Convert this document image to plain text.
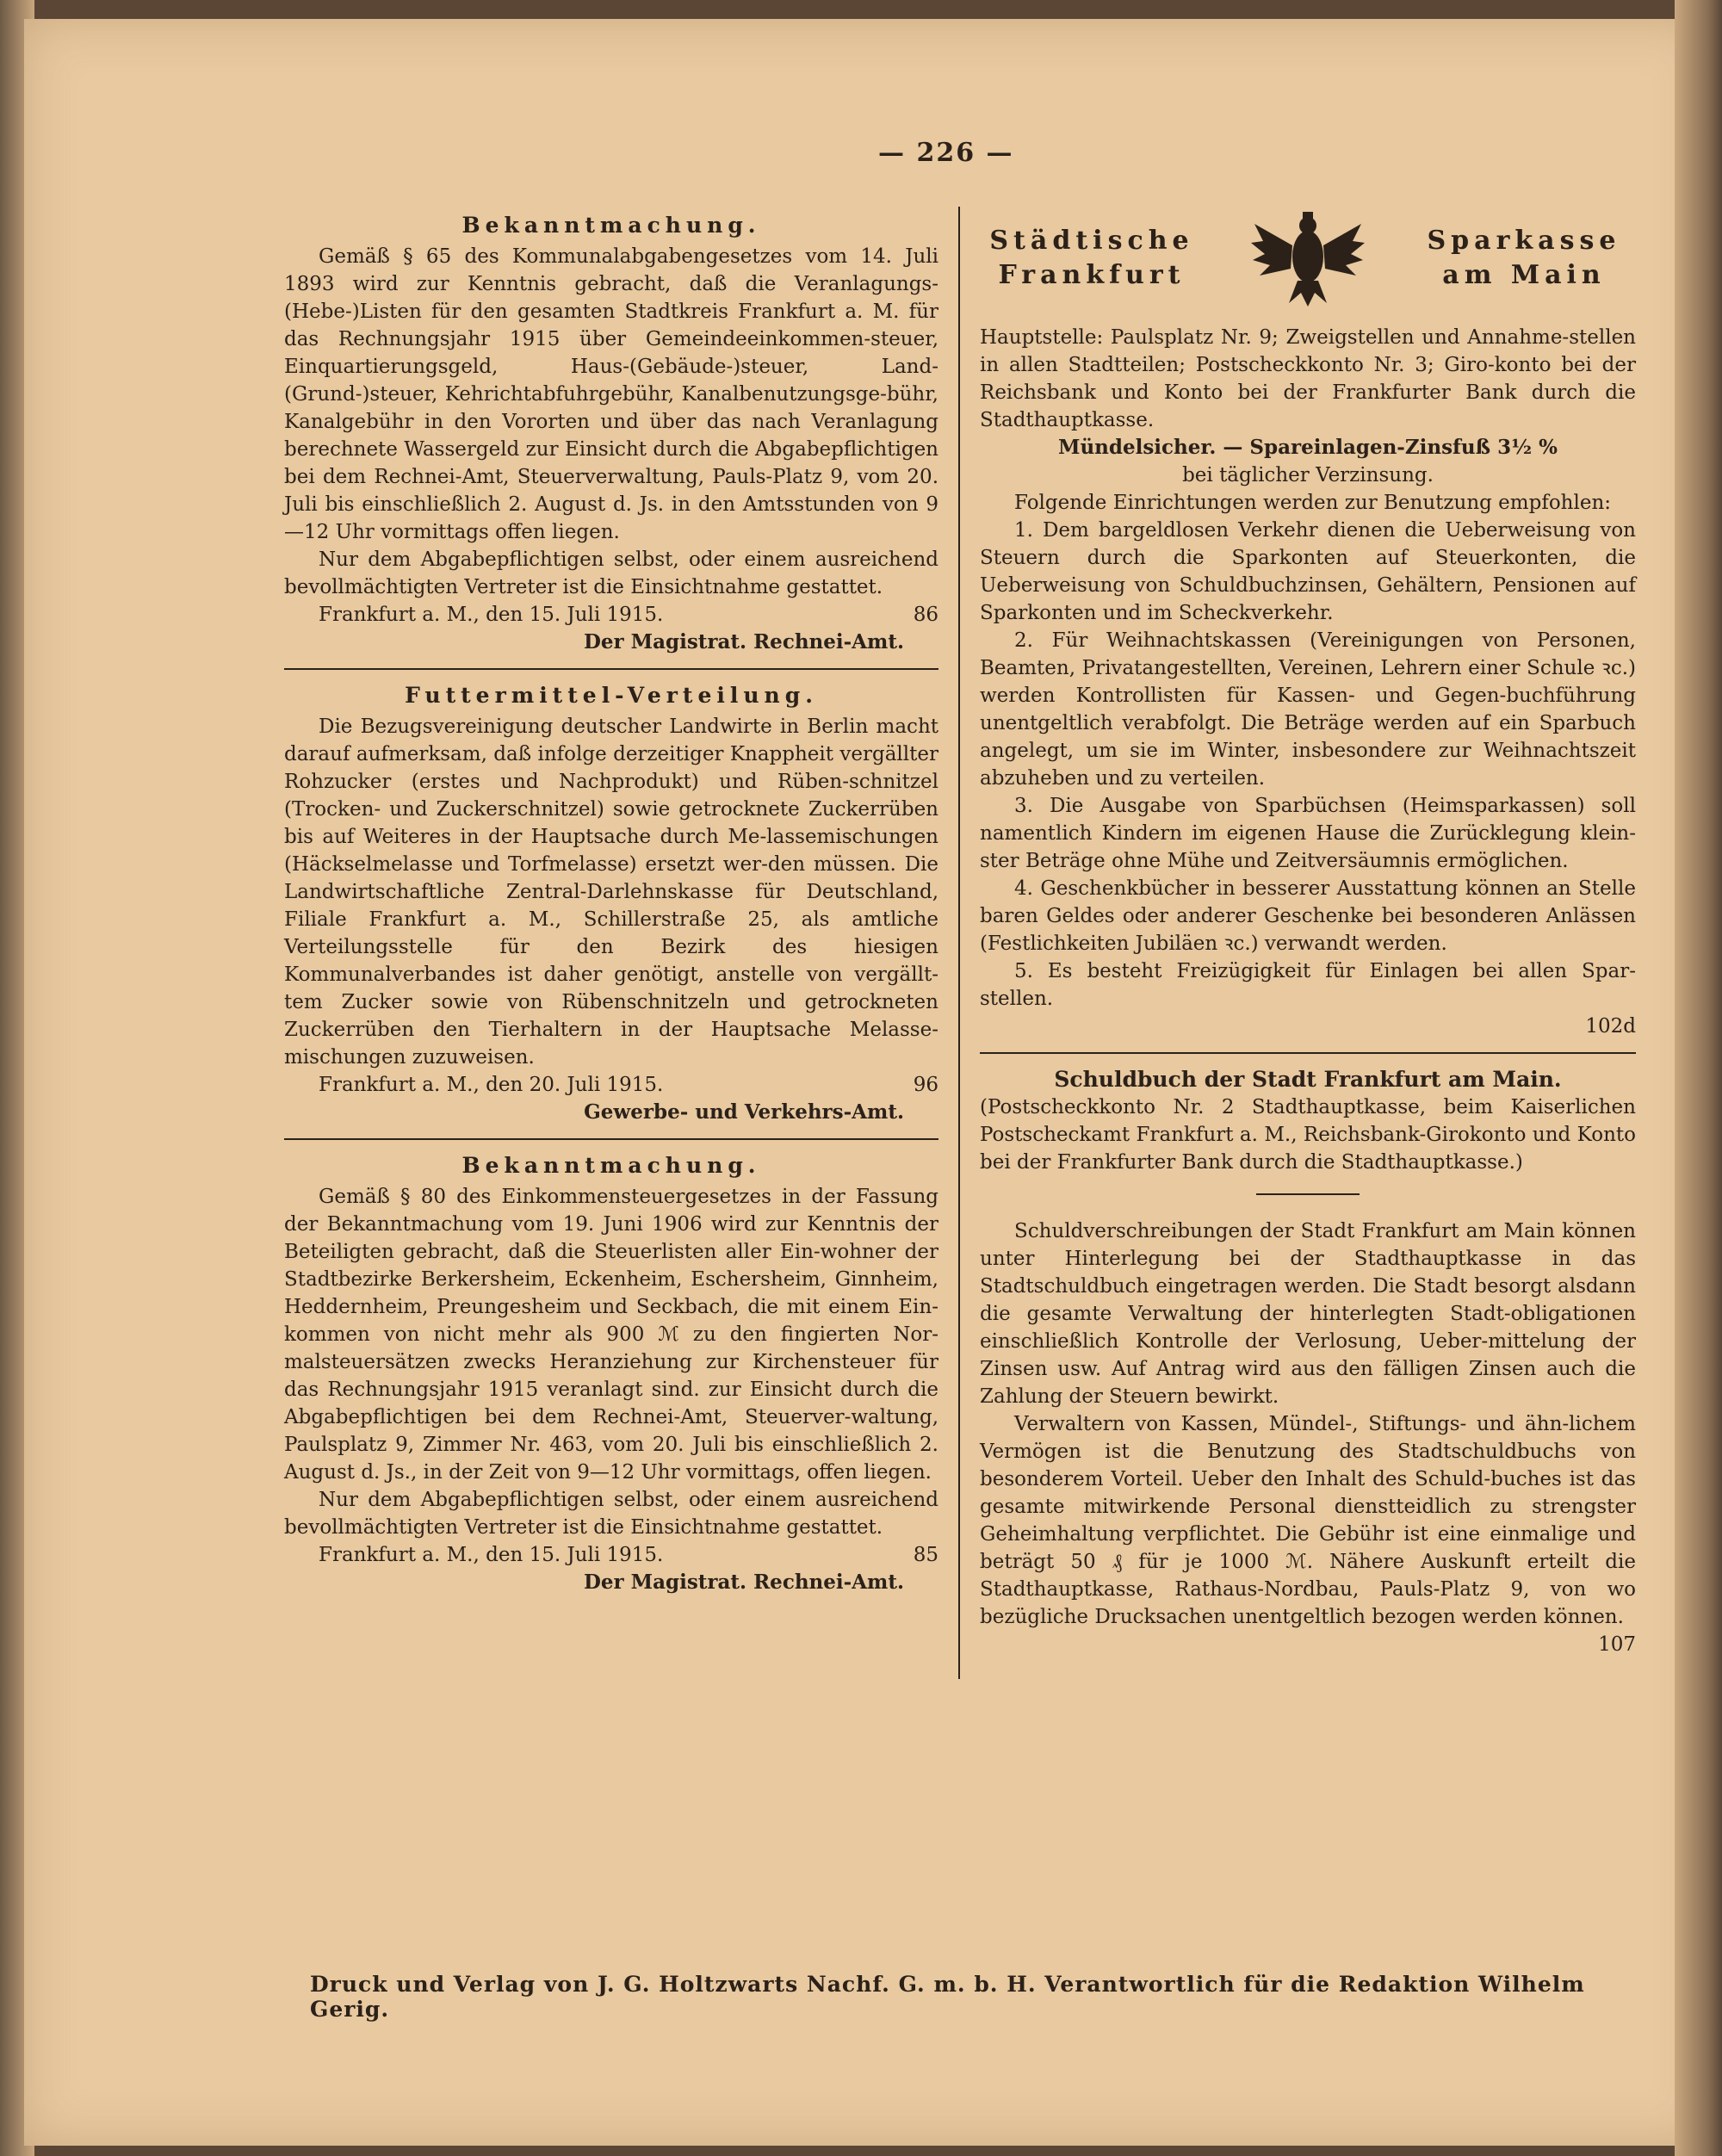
— 226 —
Bekanntmachung.

Gemäß § 65 des Kommunalabgabengesetzes vom 14. Juli 1893 wird zur Kenntnis gebracht, daß die Veranlagungs-(Hebe-)Listen für den gesamten Stadtkreis Frankfurt a. M. für das Rechnungsjahr 1915 über Gemeindeeinkommen-steuer, Einquartierungsgeld, Haus-(Gebäude-)steuer, Land-(Grund-)steuer, Kehrichtabfuhrgebühr, Kanalbenutzungsge-bühr, Kanalgebühr in den Vororten und über das nach Veranlagung berechnete Wassergeld zur Einsicht durch die Abgabepflichtigen bei dem Rechnei-Amt, Steuerverwaltung, Pauls-Platz 9, vom 20. Juli bis einschließlich 2. August d. Js. in den Amtsstunden von 9—12 Uhr vormittags offen liegen.

Nur dem Abgabepflichtigen selbst, oder einem ausreichend bevollmächtigten Vertreter ist die Einsichtnahme gestattet.

Frankfurt a. M., den 15. Juli 1915.	86
Der Magistrat. Rechnei-Amt.
Futtermittel-Verteilung.

Die Bezugsvereinigung deutscher Landwirte in Berlin macht darauf aufmerksam, daß infolge derzeitiger Knappheit vergällter Rohzucker (erstes und Nachprodukt) und Rüben-schnitzel (Trocken- und Zuckerschnitzel) sowie getrocknete Zuckerrüben bis auf Weiteres in der Hauptsache durch Me-lassemischungen (Häckselmelasse und Torfmelasse) ersetzt wer-den müssen. Die Landwirtschaftliche Zentral-Darlehnskasse für Deutschland, Filiale Frankfurt a. M., Schillerstraße 25, als amtliche Verteilungsstelle für den Bezirk des hiesigen Kommunalverbandes ist daher genötigt, anstelle von vergällt-tem Zucker sowie von Rübenschnitzeln und getrockneten Zuckerrüben den Tierhaltern in der Hauptsache Melasse-mischungen zuzuweisen.

Frankfurt a. M., den 20. Juli 1915.	96
Gewerbe- und Verkehrs-Amt.
Bekanntmachung.

Gemäß § 80 des Einkommensteuergesetzes in der Fassung der Bekanntmachung vom 19. Juni 1906 wird zur Kenntnis der Beteiligten gebracht, daß die Steuerlisten aller Ein-wohner der Stadtbezirke Berkersheim, Eckenheim, Eschersheim, Ginnheim, Heddernheim, Preungesheim und Seckbach, die mit einem Ein-kommen von nicht mehr als 900 ℳ zu den fingierten Nor-malsteuersätzen zwecks Heranziehung zur Kirchensteuer für das Rechnungsjahr 1915 veranlagt sind. zur Einsicht durch die Abgabepflichtigen bei dem Rechnei-Amt, Steuerver-waltung, Paulsplatz 9, Zimmer Nr. 463, vom 20. Juli bis einschließlich 2. August d. Js., in der Zeit von 9—12 Uhr vormittags, offen liegen.

Nur dem Abgabepflichtigen selbst, oder einem ausreichend bevollmächtigten Vertreter ist die Einsichtnahme gestattet.

Frankfurt a. M., den 15. Juli 1915.	85
Der Magistrat. Rechnei-Amt.
Städtische
Frankfurt
Sparkasse
am Main

Hauptstelle: Paulsplatz Nr. 9; Zweigstellen und Annahme-stellen in allen Stadtteilen; Postscheckkonto Nr. 3; Giro-konto bei der Reichsbank und Konto bei der Frankfurter Bank durch die Stadthauptkasse.

Mündelsicher. — Spareinlagen-Zinsfuß 3½ %
bei täglicher Verzinsung.

Folgende Einrichtungen werden zur Benutzung empfohlen:

1. Dem bargeldlosen Verkehr dienen die Ueberweisung von Steuern durch die Sparkonten auf Steuerkonten, die Ueberweisung von Schuldbuchzinsen, Gehältern, Pensionen auf Sparkonten und im Scheckverkehr.

2. Für Weihnachtskassen (Vereinigungen von Personen, Beamten, Privatangestellten, Vereinen, Lehrern einer Schule ꝛc.) werden Kontrollisten für Kassen- und Gegen-buchführung unentgeltlich verabfolgt. Die Beträge werden auf ein Sparbuch angelegt, um sie im Winter, insbesondere zur Weihnachtszeit abzuheben und zu verteilen.

3. Die Ausgabe von Sparbüchsen (Heimsparkassen) soll namentlich Kindern im eigenen Hause die Zurücklegung klein-ster Beträge ohne Mühe und Zeitversäumnis ermöglichen.

4. Geschenkbücher in besserer Ausstattung können an Stelle baren Geldes oder anderer Geschenke bei besonderen Anlässen (Festlichkeiten Jubiläen ꝛc.) verwandt werden.

5. Es besteht Freizügigkeit für Einlagen bei allen Spar-stellen.

102d
Schuldbuch der Stadt Frankfurt am Main.

(Postscheckkonto Nr. 2 Stadthauptkasse, beim Kaiserlichen Postscheckamt Frankfurt a. M., Reichsbank-Girokonto und Konto bei der Frankfurter Bank durch die Stadthauptkasse.)

Schuldverschreibungen der Stadt Frankfurt am Main können unter Hinterlegung bei der Stadthauptkasse in das Stadtschuldbuch eingetragen werden. Die Stadt besorgt alsdann die gesamte Verwaltung der hinterlegten Stadt-obligationen einschließlich Kontrolle der Verlosung, Ueber-mittelung der Zinsen usw. Auf Antrag wird aus den fälligen Zinsen auch die Zahlung der Steuern bewirkt.

Verwaltern von Kassen, Mündel-, Stiftungs- und ähn-lichem Vermögen ist die Benutzung des Stadtschuldbuchs von besonderem Vorteil. Ueber den Inhalt des Schuld-buches ist das gesamte mitwirkende Personal dienstteidlich zu strengster Geheimhaltung verpflichtet. Die Gebühr ist eine einmalige und beträgt 50 ₰ für je 1000 ℳ. Nähere Auskunft erteilt die Stadthauptkasse, Rathaus-Nordbau, Pauls-Platz 9, von wo bezügliche Drucksachen unentgeltlich bezogen werden können.

107
Druck und Verlag von J. G. Holtzwarts Nachf. G. m. b. H. Verantwortlich für die Redaktion Wilhelm Gerig.
